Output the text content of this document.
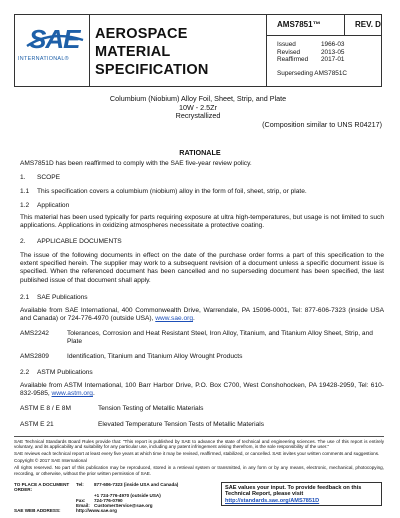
SAE
INTERNATIONAL®
AEROSPACE
MATERIAL SPECIFICATION
AMS7851™	REV. D
Issued	1966-03
Revised	2013-05
Reaffirmed	2017-01
Superseding AMS7851C
Columbium (Niobium) Alloy Foil, Sheet, Strip, and Plate
10W - 2.5Zr
Recrystallized
(Composition similar to UNS R04217)
RATIONALE
AMS7851D has been reaffirmed to comply with the SAE five-year review policy.
1.	SCOPE
1.1	This specification covers a columbium (niobium) alloy in the form of foil, sheet, strip, or plate.
1.2	Application
This material has been used typically for parts requiring exposure at ultra high-temperatures, but usage is not limited to such applications. Applications in oxidizing atmospheres necessitate a protective coating.
2.	APPLICABLE DOCUMENTS
The issue of the following documents in effect on the date of the purchase order forms a part of this specification to the extent specified herein. The supplier may work to a subsequent revision of a document unless a specific document issue is specified. When the referenced document has been cancelled and no superseding document has been specified, the last published issue of that document shall apply.
2.1	SAE Publications
Available from SAE International, 400 Commonwealth Drive, Warrendale, PA 15096-0001, Tel: 877-606-7323 (inside USA and Canada) or 724-776-4970 (outside USA), www.sae.org.
AMS2242	Tolerances, Corrosion and Heat Resistant Steel, Iron Alloy, Titanium, and Titanium Alloy Sheet, Strip, and Plate
AMS2809	Identification, Titanium and Titanium Alloy Wrought Products
2.2	ASTM Publications
Available from ASTM International, 100 Barr Harbor Drive, P.O. Box C700, West Conshohocken, PA 19428-2959, Tel: 610-832-9585, www.astm.org.
ASTM E 8 / E 8M	Tension Testing of Metallic Materials
ASTM E 21	Elevated Temperature Tension Tests of Metallic Materials

SAE Technical Standards Board Rules provide that: "This report is published by SAE to advance the state of technical and engineering sciences. The use of this report is entirely voluntary, and its applicability and suitability for any particular use, including any patent infringement arising therefrom, is the sole responsibility of the user."

SAE reviews each technical report at least every five years at which time it may be revised, reaffirmed, stabilized, or cancelled. SAE invites your written comments and suggestions.

Copyright © 2017 SAE International

All rights reserved. No part of this publication may be reproduced, stored in a retrieval system or transmitted, in any form or by any means, electronic, mechanical, photocopying, recording, or otherwise, without the prior written permission of SAE.

TO PLACE A DOCUMENT ORDER:
Tel:	877-606-7323 (inside USA and Canada)
+1 724-776-4970 (outside USA)
Fax:	724-776-0790
Email: CustomerService@sae.org
SAE WEB ADDRESS:	http://www.sae.org
SAE values your input. To provide feedback on this
Technical Report, please visit
http://standards.sae.org/AMS7851D
